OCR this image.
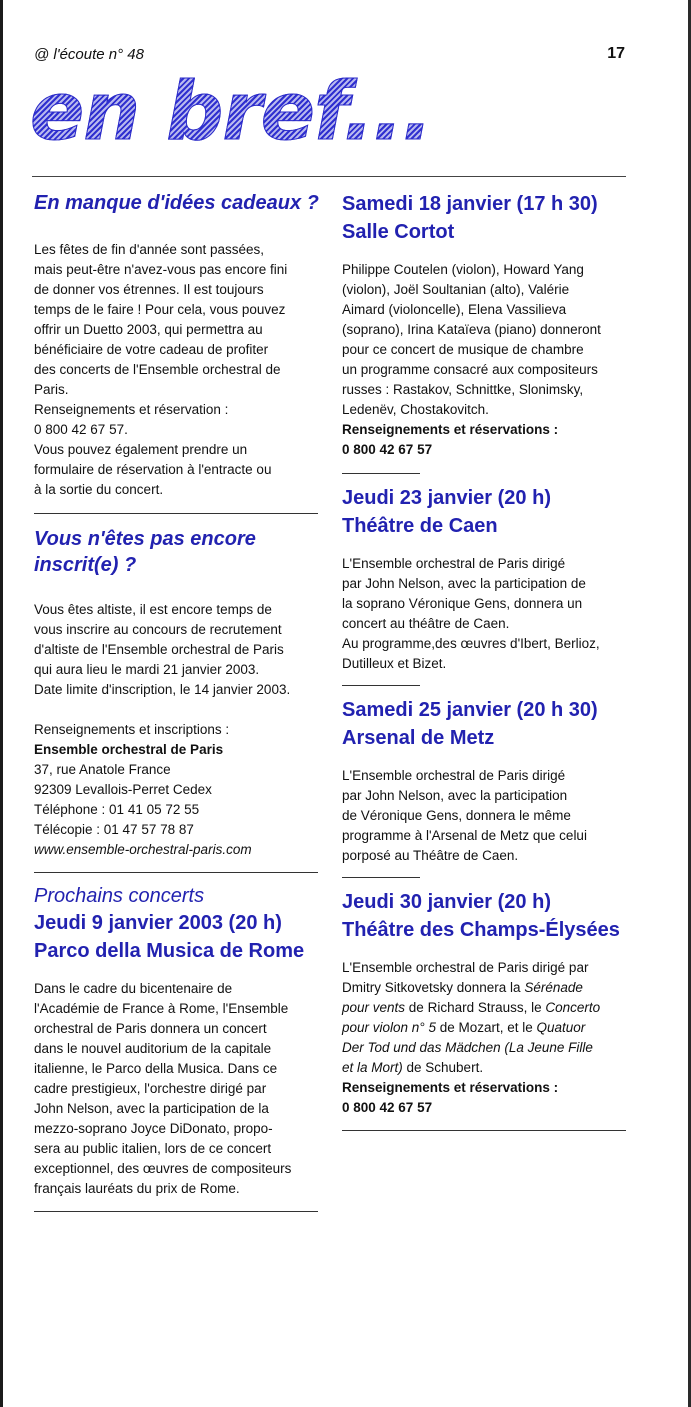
@ l'écoute n° 48	17
en bref...
En manque d'idées cadeaux ?
Les fêtes de fin d'année sont passées,
mais peut-être n'avez-vous pas encore fini
de donner vos étrennes. Il est toujours
temps de le faire ! Pour cela, vous pouvez
offrir un Duetto 2003, qui permettra au
bénéficiaire de votre cadeau de profiter
des concerts de l'Ensemble orchestral de
Paris.
Renseignements et réservation :
0 800 42 67 57.
Vous pouvez également prendre un
formulaire de réservation à l'entracte ou
à la sortie du concert.
Vous n'êtes pas encore
inscrit(e) ?
Vous êtes altiste, il est encore temps de
vous inscrire au concours de recrutement
d'altiste de l'Ensemble orchestral de Paris
qui aura lieu le mardi 21 janvier 2003.
Date limite d'inscription, le 14 janvier 2003.
Renseignements et inscriptions :
Ensemble orchestral de Paris
37, rue Anatole France
92309 Levallois-Perret Cedex
Téléphone : 01 41 05 72 55
Télécopie : 01 47 57 78 87
www.ensemble-orchestral-paris.com
Prochains concerts
Jeudi 9 janvier 2003 (20 h)
Parco della Musica de Rome
Dans le cadre du bicentenaire de
l'Académie de France à Rome, l'Ensemble
orchestral de Paris donnera un concert
dans le nouvel auditorium de la capitale
italienne, le Parco della Musica. Dans ce
cadre prestigieux, l'orchestre dirigé par
John Nelson, avec la participation de la
mezzo-soprano Joyce DiDonato, propo-
sera au public italien, lors de ce concert
exceptionnel, des œuvres de compositeurs
français lauréats du prix de Rome.
Samedi 18 janvier (17 h 30)
Salle Cortot
Philippe Coutelen (violon), Howard Yang
(violon), Joël Soultanian (alto), Valérie
Aimard (violoncelle), Elena Vassilieva
(soprano), Irina Kataïeva (piano) donneront
pour ce concert de musique de chambre
un programme consacré aux compositeurs
russes : Rastakov, Schnittke, Slonimsky,
Ledenëv, Chostakovitch.
Renseignements et réservations :
0 800 42 67 57
Jeudi 23 janvier (20 h)
Théâtre de Caen
L'Ensemble orchestral de Paris dirigé
par John Nelson, avec la participation de
la soprano Véronique Gens, donnera un
concert au théâtre de Caen.
Au programme,des œuvres d'Ibert, Berlioz,
Dutilleux et Bizet.
Samedi 25 janvier (20 h 30)
Arsenal de Metz
L'Ensemble orchestral de Paris dirigé
par John Nelson, avec la participation
de Véronique Gens, donnera le même
programme à l'Arsenal de Metz que celui
porposé au Théâtre de Caen.
Jeudi 30 janvier (20 h)
Théâtre des Champs-Élysées
L'Ensemble orchestral de Paris dirigé par
Dmitry Sitkovetsky donnera la Sérénade
pour vents de Richard Strauss, le Concerto
pour violon n° 5 de Mozart, et le Quatuor
Der Tod und das Mädchen (La Jeune Fille
et la Mort) de Schubert.
Renseignements et réservations :
0 800 42 67 57
